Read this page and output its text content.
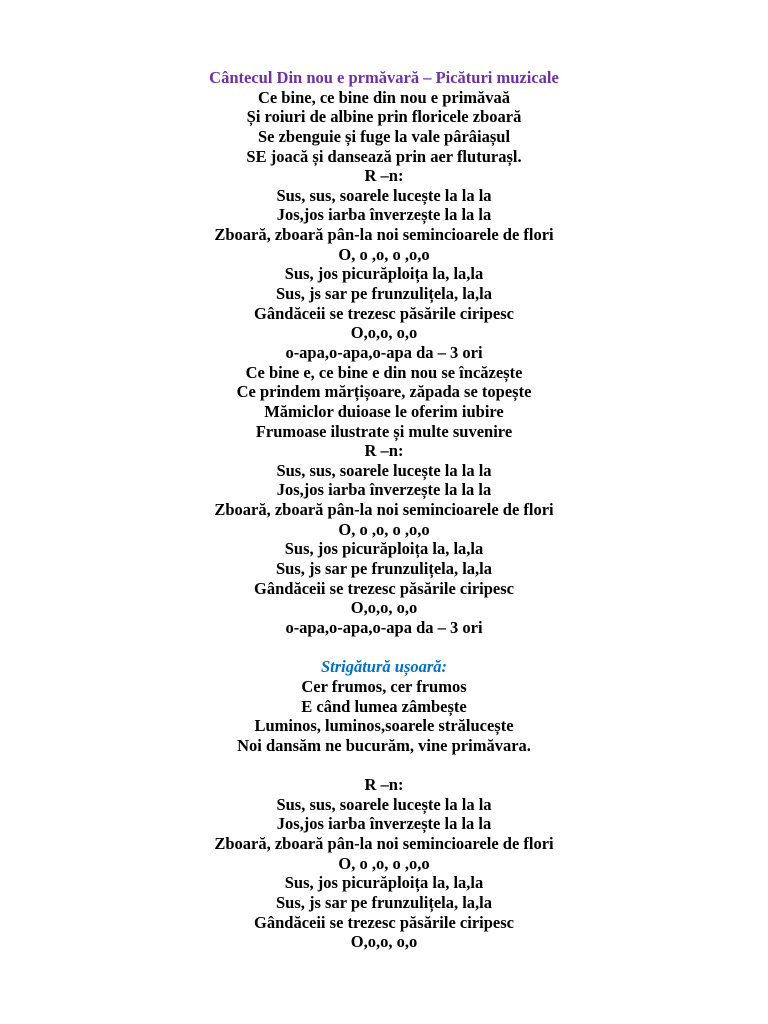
Cântecul Din nou e prmăvară – Picături muzicale

Ce bine, ce bine din nou e primăvaă

Și roiuri de albine prin floricele zboară

Se zbenguie și fuge la vale pârâiașul

SE joacă și dansează prin aer fluturașl.

R –n:

Sus, sus, soarele lucește la la la

Jos,jos iarba înverzește la la la

Zboară, zboară pân-la noi semincioarele de flori

O, o ,o, o ,o,o

Sus, jos picurăploița la, la,la

Sus, js sar pe frunzulițela, la,la

Gândăceii se trezesc păsările ciripesc

O,o,o, o,o

o-apa,o-apa,o-apa da – 3 ori

Ce bine e, ce bine e din nou se încăzește

Ce prindem mărțișoare, zăpada se topește

Mămiclor duioase le oferim iubire

Frumoase ilustrate și multe suvenire

R –n:

Sus, sus, soarele lucește la la la

Jos,jos iarba înverzește la la la

Zboară, zboară pân-la noi semincioarele de flori

O, o ,o, o ,o,o

Sus, jos picurăploița la, la,la

Sus, js sar pe frunzulițela, la,la

Gândăceii se trezesc păsările ciripesc

O,o,o, o,o

o-apa,o-apa,o-apa da – 3 ori

Strigătură ușoară:

Cer frumos, cer frumos

E când lumea zâmbește

Luminos, luminos,soarele strălucește

Noi dansăm ne bucurăm, vine primăvara.

R –n:

Sus, sus, soarele lucește la la la

Jos,jos iarba înverzește la la la

Zboară, zboară pân-la noi semincioarele de flori

O, o ,o, o ,o,o

Sus, jos picurăploița la, la,la

Sus, js sar pe frunzulițela, la,la

Gândăceii se trezesc păsările ciripesc

O,o,o, o,o
